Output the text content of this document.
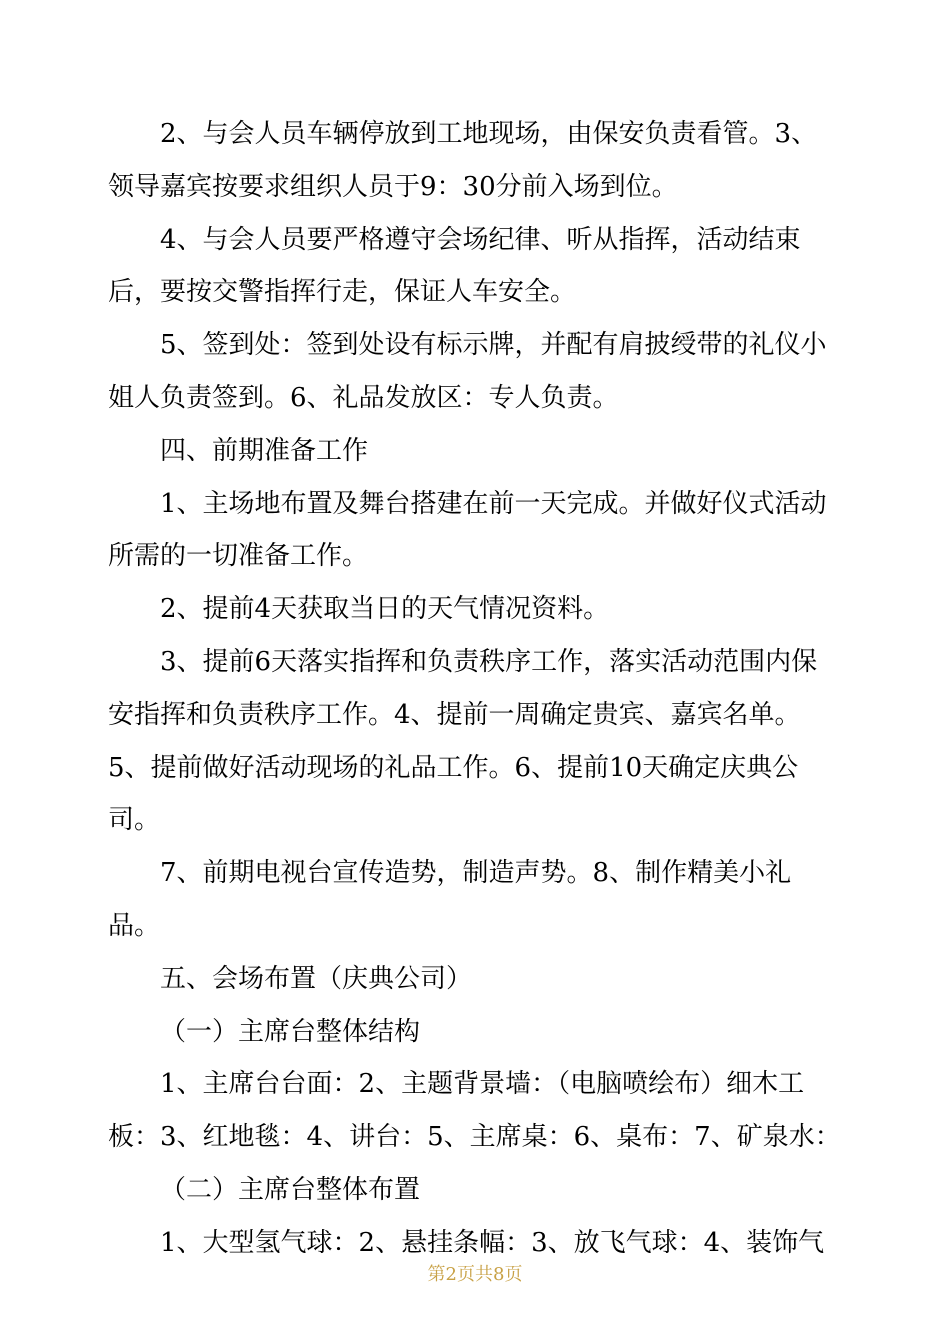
2、与会人员车辆停放到工地现场，由保安负责看管。3、领导嘉宾按要求组织人员于9：30分前入场到位。

4、与会人员要严格遵守会场纪律、听从指挥，活动结束后，要按交警指挥行走，保证人车安全。

5、签到处：签到处设有标示牌，并配有肩披绶带的礼仪小姐人负责签到。6、礼品发放区：专人负责。

四、前期准备工作

1、主场地布置及舞台搭建在前一天完成。并做好仪式活动所需的一切准备工作。

2、提前4天获取当日的天气情况资料。

3、提前6天落实指挥和负责秩序工作，落实活动范围内保安指挥和负责秩序工作。4、提前一周确定贵宾、嘉宾名单。5、提前做好活动现场的礼品工作。6、提前10天确定庆典公司。

7、前期电视台宣传造势，制造声势。8、制作精美小礼品。

五、会场布置（庆典公司）

（一）主席台整体结构

1、主席台台面：2、主题背景墙：（电脑喷绘布）细木工板：3、红地毯：4、讲台：5、主席桌：6、桌布：7、矿泉水：

（二）主席台整体布置

1、大型氢气球：2、悬挂条幅：3、放飞气球：4、装饰气

第2页共8页
